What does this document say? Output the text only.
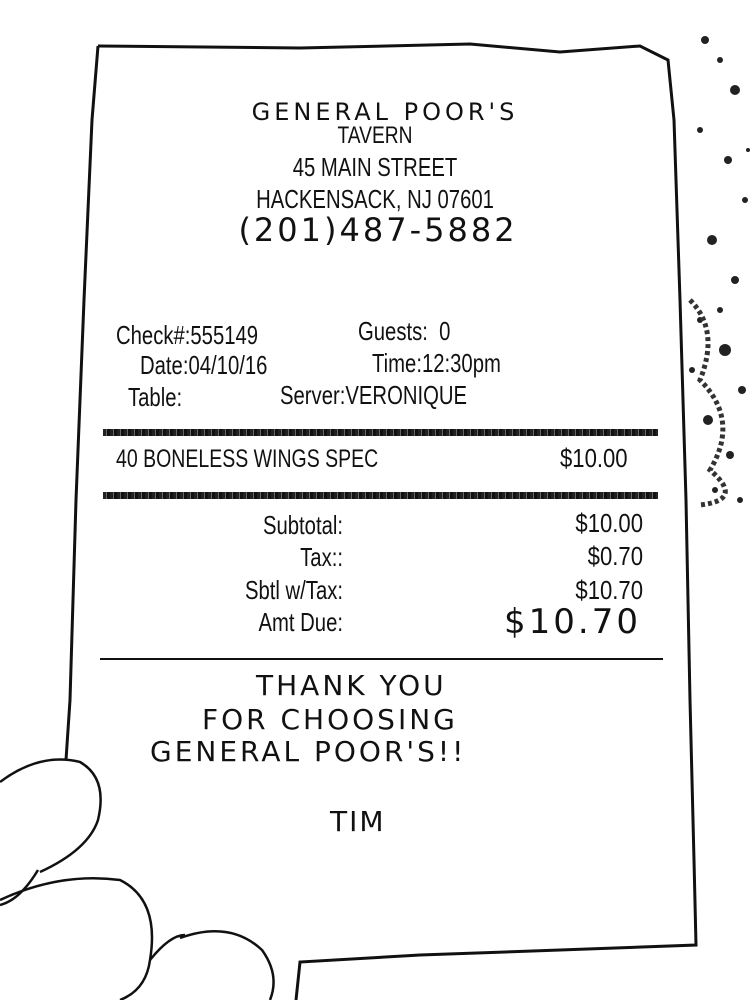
GENERAL POOR'S
TAVERN
45 MAIN STREET
HACKENSACK, NJ 07601
(201)487-5882
Check#:555149	Guests:  0
Date:04/10/16	Time:12:30pm
Table:	Server:VERONIQUE
40 BONELESS WINGS SPEC	$10.00
Subtotal:	$10.00
Tax::	$0.70
Sbtl w/Tax:	$10.70
Amt Due:	$10.70
THANK YOU
FOR CHOOSING
GENERAL POOR'S!!
TIM
